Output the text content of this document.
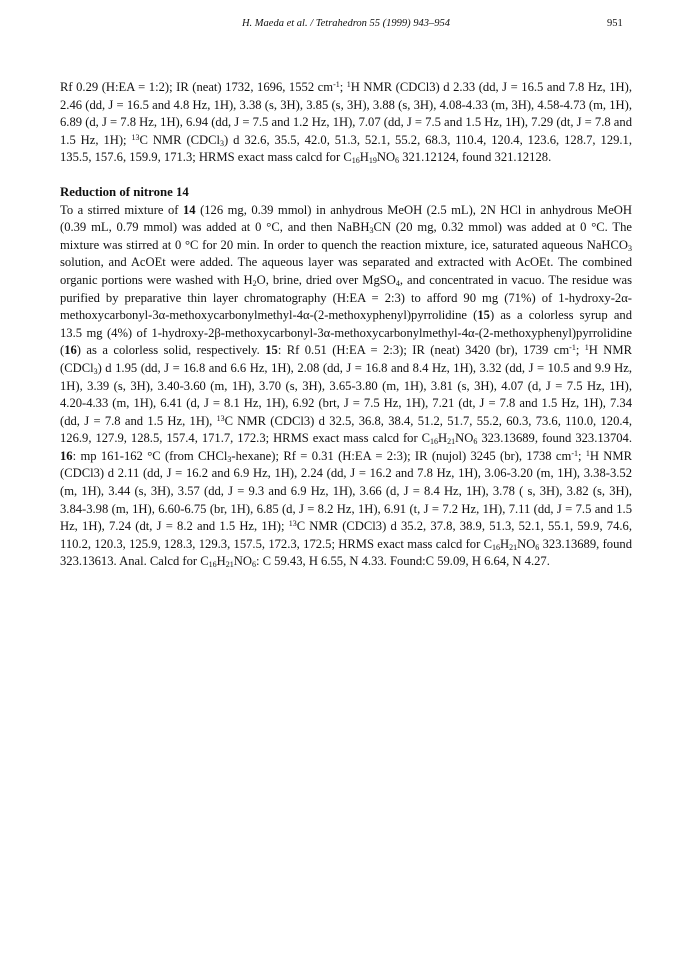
H. Maeda et al. / Tetrahedron 55 (1999) 943–954	951

Rf 0.29 (H:EA = 1:2); IR (neat) 1732, 1696, 1552 $cm^{-1}$; $^1$H NMR (CDCl3) d 2.33 (dd, J = 16.5 and 7.8 Hz, 1H), 2.46 (dd, J = 16.5 and 4.8 Hz, 1H), 3.38 (s, 3H), 3.85 (s, 3H), 3.88 (s, 3H), 4.08-4.33 (m, 3H), 4.58-4.73 (m, 1H), 6.89 (d, J = 7.8 Hz, 1H), 6.94 (dd, J = 7.5 and 1.2 Hz, 1H), 7.07 (dd, J = 7.5 and 1.5 Hz, 1H), 7.29 (dt, J = 7.8 and 1.5 Hz, 1H); $^{13}$C NMR (CDCl$_3$) d 32.6, 35.5, 42.0, 51.3, 52.1, 55.2, 68.3, 110.4, 120.4, 123.6, 128.7, 129.1, 135.5, 157.6, 159.9, 171.3; HRMS exact mass calcd for $C_{16}H_{19}NO_6$ 321.12124, found 321.12128.

Reduction of nitrone 14

To a stirred mixture of 14 (126 mg, 0.39 mmol) in anhydrous MeOH (2.5 mL), 2N HCl in anhydrous MeOH (0.39 mL, 0.79 mmol) was added at 0 °C, and then NaBH$_3$CN (20 mg, 0.32 mmol) was added at 0 °C. The mixture was stirred at 0 °C for 20 min. In order to quench the reaction mixture, ice, saturated aqueous NaHCO$_3$ solution, and AcOEt were added. The aqueous layer was separated and extracted with AcOEt. The combined organic portions were washed with $H_2O$, brine, dried over MgSO$_4$, and concentrated in vacuo. The residue was purified by preparative thin layer chromatography (H:EA = 2:3) to afford 90 mg (71%) of 1-hydroxy-2α-methoxycarbonyl-3α-methoxycarbonylmethyl-4α-(2-methoxyphenyl)pyrrolidine (15) as a colorless syrup and 13.5 mg (4%) of 1-hydroxy-2β-methoxycarbonyl-3α-methoxycarbonylmethyl-4α-(2-methoxyphenyl)pyrrolidine (16) as a colorless solid, respectively. 15: Rf 0.51 (H:EA = 2:3); IR (neat) 3420 (br), 1739 $cm^{-1}$; $^1$H NMR (CDCl$_3$) d 1.95 (dd, J = 16.8 and 6.6 Hz, 1H), 2.08 (dd, J = 16.8 and 8.4 Hz, 1H), 3.32 (dd, J = 10.5 and 9.9 Hz, 1H), 3.39 (s, 3H), 3.40-3.60 (m, 1H), 3.70 (s, 3H), 3.65-3.80 (m, 1H), 3.81 (s, 3H), 4.07 (d, J = 7.5 Hz, 1H), 4.20-4.33 (m, 1H), 6.41 (d, J = 8.1 Hz, 1H), 6.92 (brt, J = 7.5 Hz, 1H), 7.21 (dt, J = 7.8 and 1.5 Hz, 1H), 7.34 (dd, J = 7.8 and 1.5 Hz, 1H), $^{13}$C NMR (CDCl3) d 32.5, 36.8, 38.4, 51.2, 51.7, 55.2, 60.3, 73.6, 110.0, 120.4, 126.9, 127.9, 128.5, 157.4, 171.7, 172.3; HRMS exact mass calcd for $C_{16}H_{21}NO_6$ 323.13689, found 323.13704. 16: mp 161-162 °C (from CHCl$_3$-hexane); Rf = 0.31 (H:EA = 2:3); IR (nujol) 3245 (br), 1738 $cm^{-1}$; $^1$H NMR (CDCl3) d 2.11 (dd, J = 16.2 and 6.9 Hz, 1H), 2.24 (dd, J = 16.2 and 7.8 Hz, 1H), 3.06-3.20 (m, 1H), 3.38-3.52 (m, 1H), 3.44 (s, 3H), 3.57 (dd, J = 9.3 and 6.9 Hz, 1H), 3.66 (d, J = 8.4 Hz, 1H), 3.78 ( s, 3H), 3.82 (s, 3H), 3.84-3.98 (m, 1H), 6.60-6.75 (br, 1H), 6.85 (d, J = 8.2 Hz, 1H), 6.91 (t, J = 7.2 Hz, 1H), 7.11 (dd, J = 7.5 and 1.5 Hz, 1H), 7.24 (dt, J = 8.2 and 1.5 Hz, 1H); $^{13}$C NMR (CDCl3) d 35.2, 37.8, 38.9, 51.3, 52.1, 55.1, 59.9, 74.6, 110.2, 120.3, 125.9, 128.3, 129.3, 157.5, 172.3, 172.5; HRMS exact mass calcd for $C_{16}H_{21}NO_6$ 323.13689, found 323.13613. Anal. Calcd for $C_{16}H_{21}NO_6$: C 59.43, H 6.55, N 4.33. Found:C 59.09, H 6.64, N 4.27.
